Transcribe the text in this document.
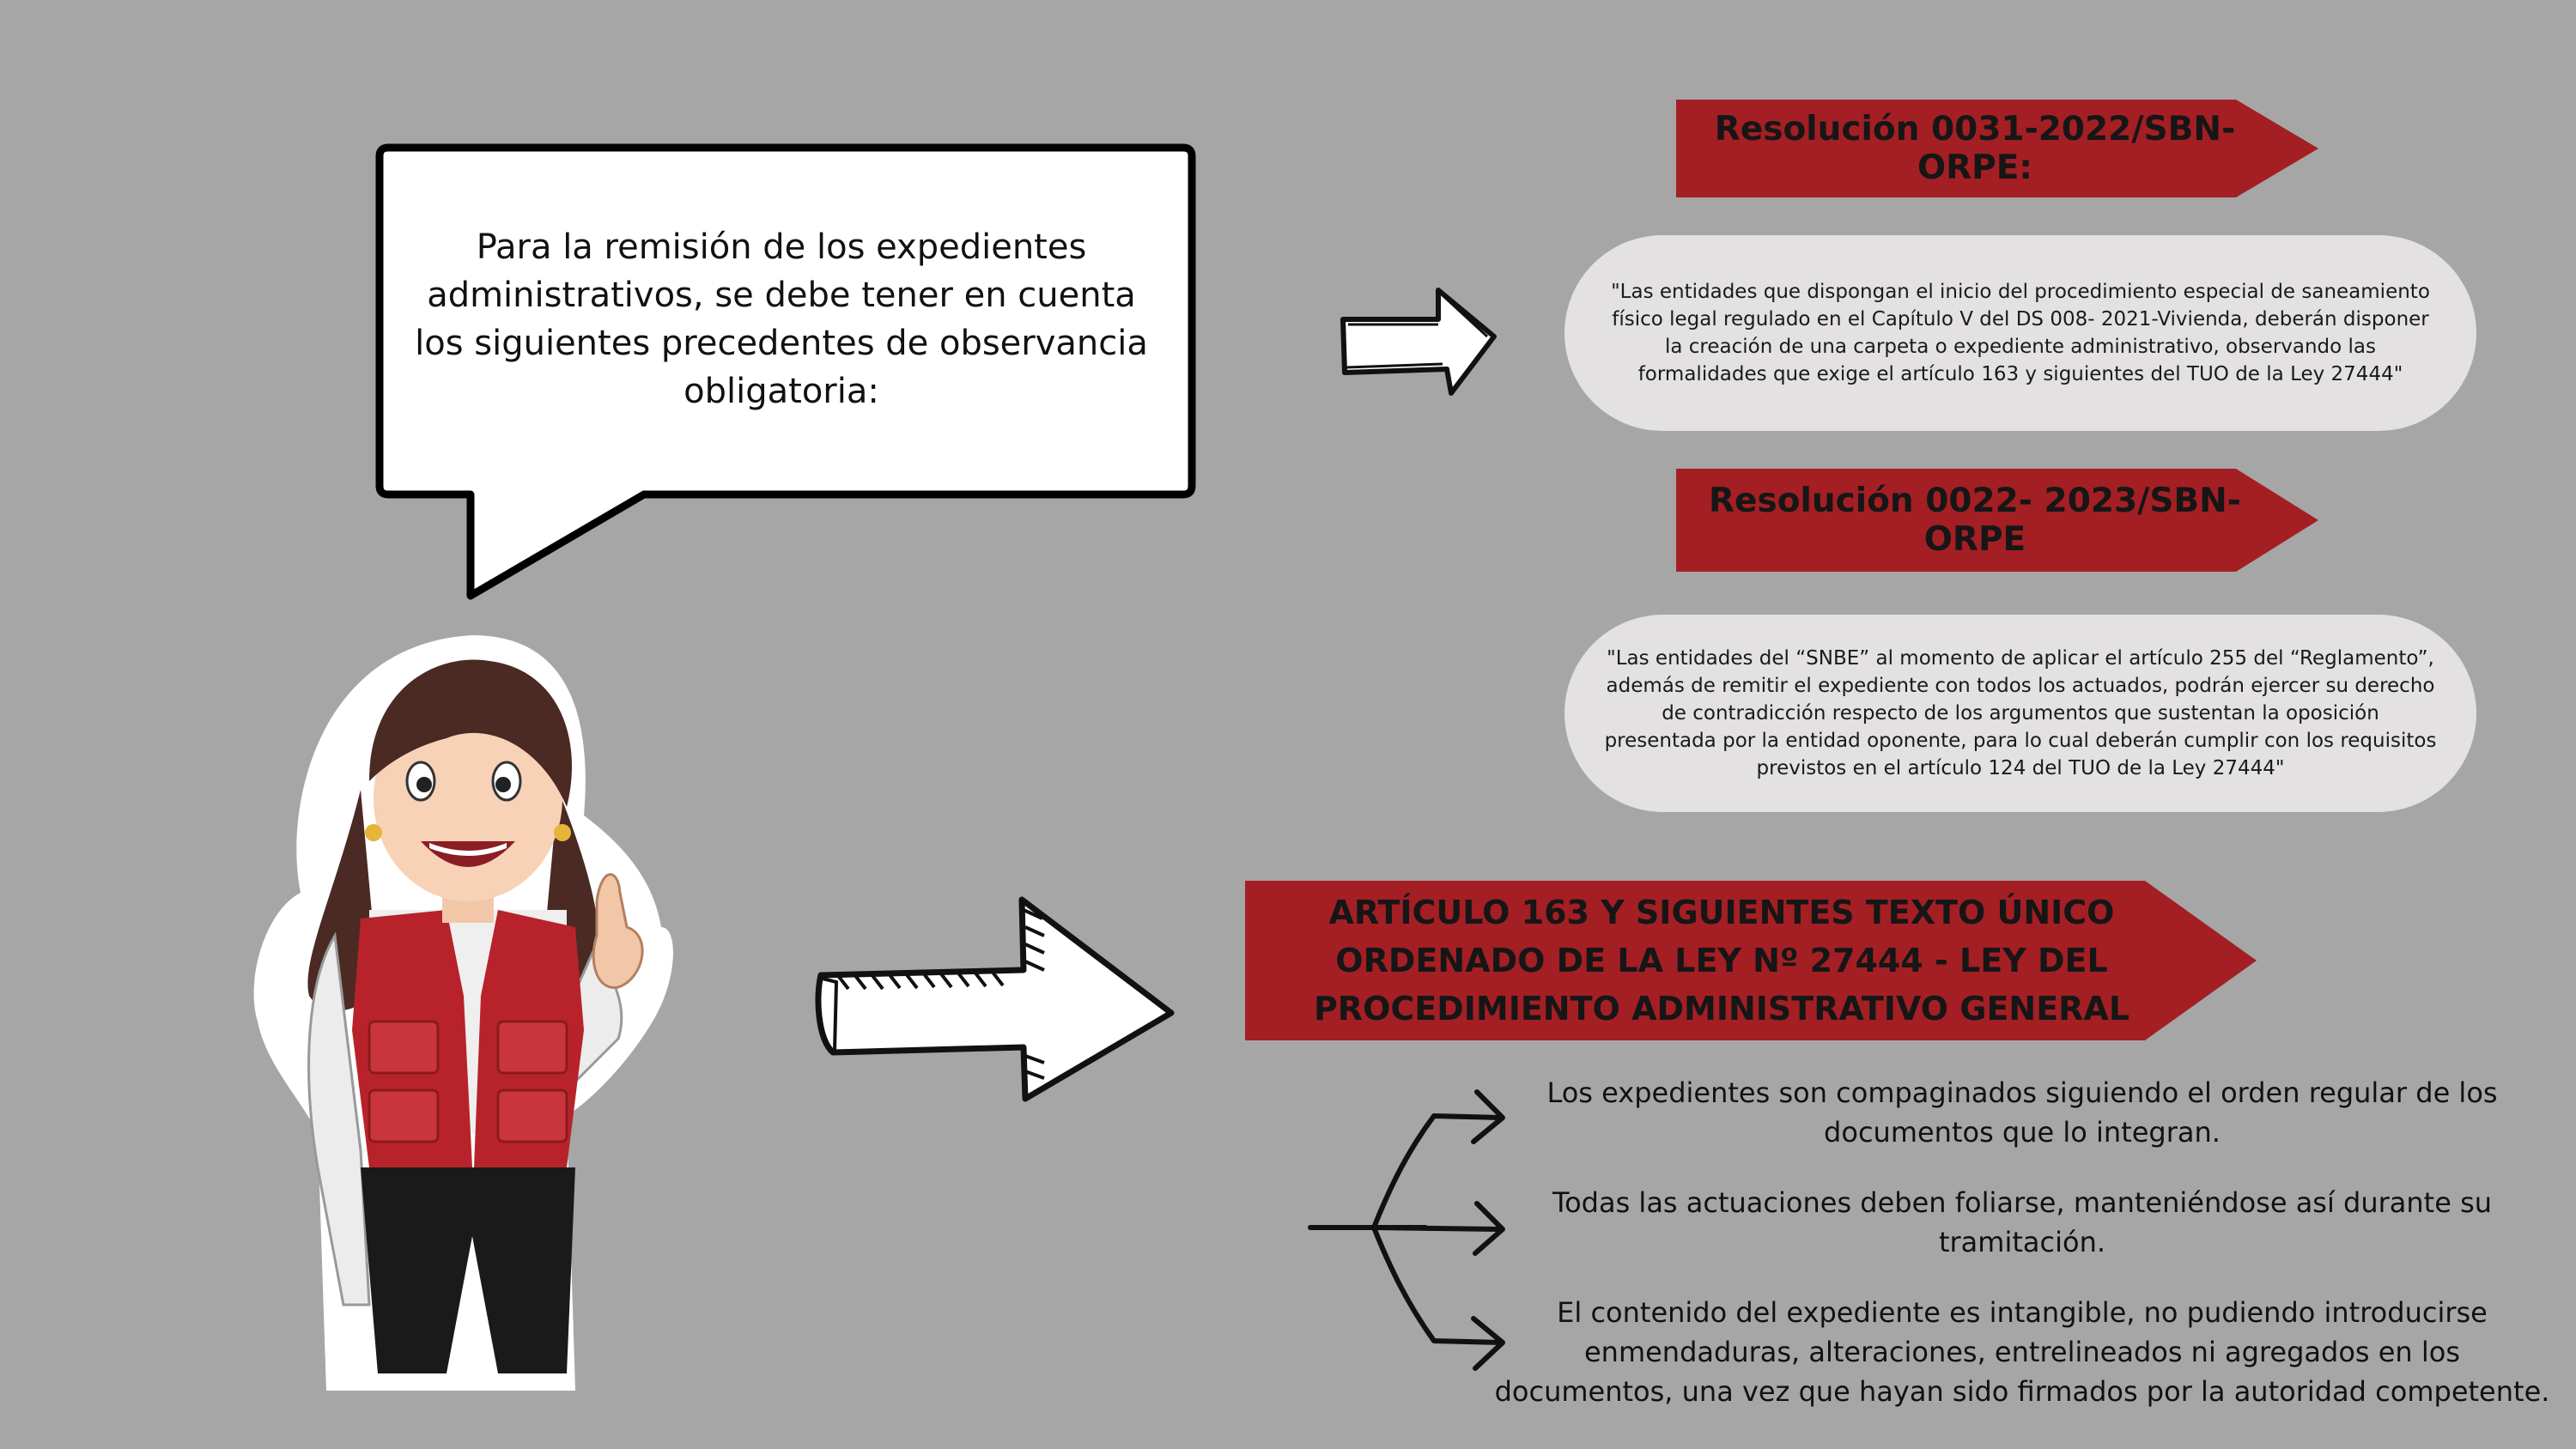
Para la remisión de los expedientes administrativos, se debe tener en cuenta los siguientes precedentes de observancia obligatoria:
Resolución 0031-2022/SBN-ORPE:
"Las entidades que dispongan el inicio del procedimiento especial de saneamiento físico legal regulado en el Capítulo V del DS 008- 2021-Vivienda, deberán disponer la creación de una carpeta o expediente administrativo, observando las formalidades que exige el artículo 163 y siguientes del TUO de la Ley 27444"
Resolución 0022- 2023/SBN-ORPE
"Las entidades del “SNBE” al momento de aplicar el artículo 255 del “Reglamento”, además de remitir el expediente con todos los actuados, podrán ejercer su derecho de contradicción respecto de los argumentos que sustentan la oposición presentada por la entidad oponente, para lo cual deberán cumplir con los requisitos previstos en el artículo 124 del TUO de la Ley 27444"
ARTÍCULO 163 Y SIGUIENTES TEXTO ÚNICO ORDENADO DE LA LEY Nº 27444 - LEY DEL PROCEDIMIENTO ADMINISTRATIVO GENERAL
Los expedientes son compaginados siguiendo el orden regular de los documentos que lo integran.
Todas las actuaciones deben foliarse, manteniéndose así durante su tramitación.
El contenido del expediente es intangible, no pudiendo introducirse enmendaduras, alteraciones, entrelineados ni agregados en los documentos, una vez que hayan sido firmados por la autoridad competente.
